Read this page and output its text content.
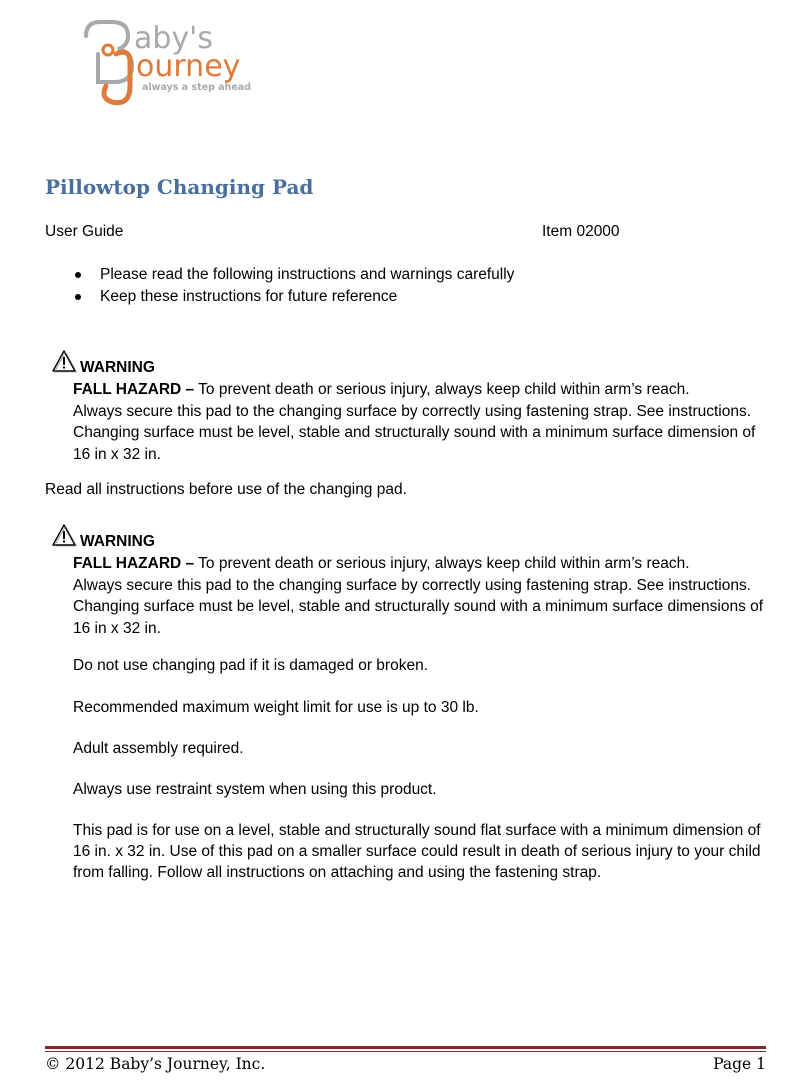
aby's
ourney
always a step ahead
Pillowtop Changing Pad
User Guide	Item 02000
Please read the following instructions and warnings carefully
Keep these instructions for future reference
WARNING
FALL HAZARD – To prevent death or serious injury, always keep child within arm’s reach.
Always secure this pad to the changing surface by correctly using fastening strap. See instructions.
Changing surface must be level, stable and structurally sound with a minimum surface dimension of 16 in x 32 in.
Read all instructions before use of the changing pad.
WARNING
FALL HAZARD – To prevent death or serious injury, always keep child within arm’s reach.
Always secure this pad to the changing surface by correctly using fastening strap. See instructions.
Changing surface must be level, stable and structurally sound with a minimum surface dimensions of 16 in x 32 in.
Do not use changing pad if it is damaged or broken.
Recommended maximum weight limit for use is up to 30 lb.
Adult assembly required.
Always use restraint system when using this product.
This pad is for use on a level, stable and structurally sound flat surface with a minimum dimension of 16 in. x 32 in. Use of this pad on a smaller surface could result in death of serious injury to your child from falling. Follow all instructions on attaching and using the fastening strap.
© 2012 Baby’s Journey, Inc.	Page 1
